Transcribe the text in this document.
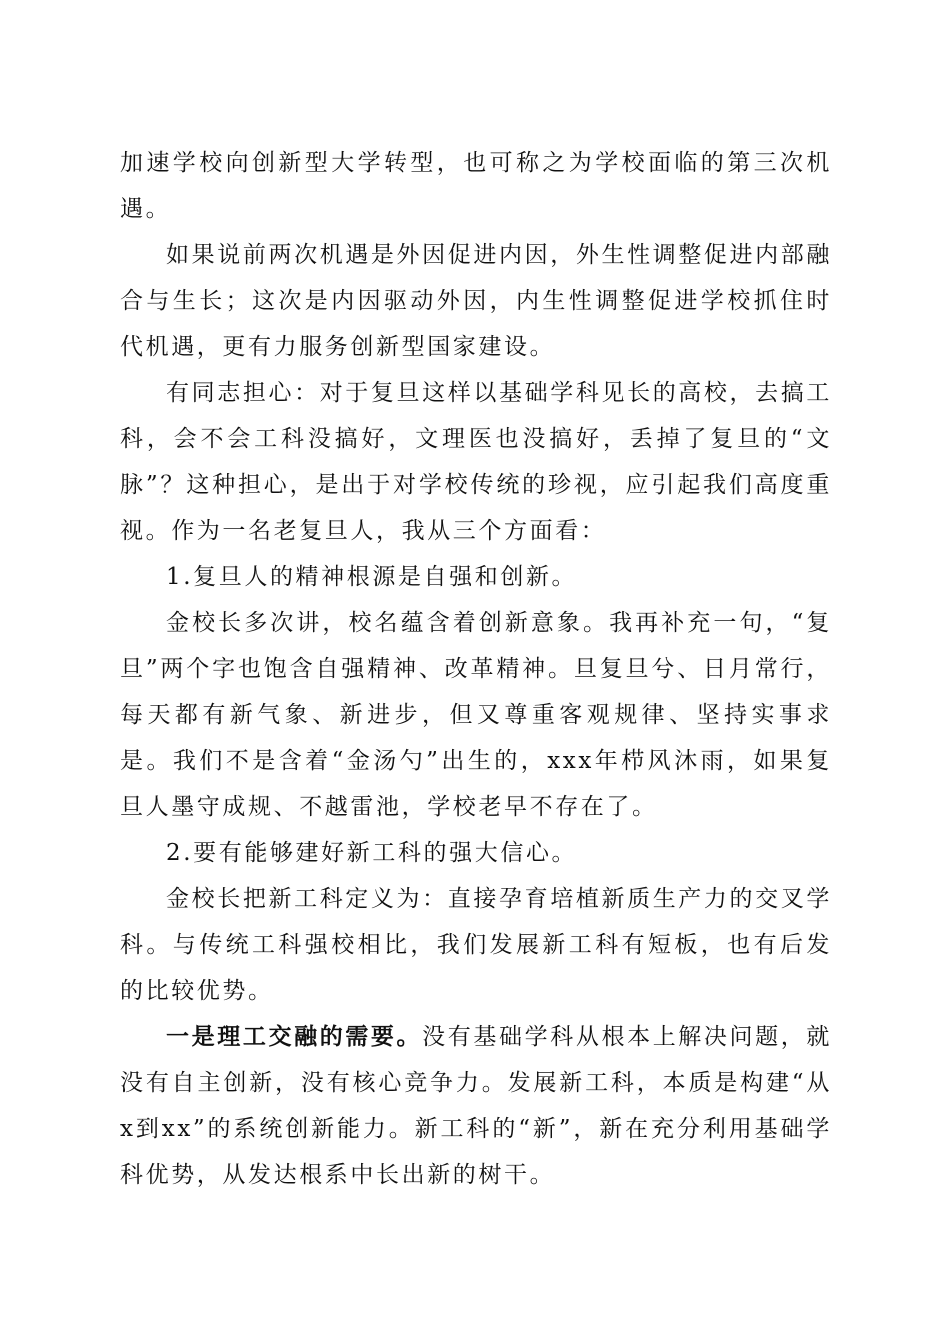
加速学校向创新型大学转型，也可称之为学校面临的第三次机遇。

如果说前两次机遇是外因促进内因，外生性调整促进内部融合与生长；这次是内因驱动外因，内生性调整促进学校抓住时代机遇，更有力服务创新型国家建设。

有同志担心：对于复旦这样以基础学科见长的高校，去搞工科，会不会工科没搞好，文理医也没搞好，丢掉了复旦的“文脉”？这种担心，是出于对学校传统的珍视，应引起我们高度重视。作为一名老复旦人，我从三个方面看：

1.复旦人的精神根源是自强和创新。

金校长多次讲，校名蕴含着创新意象。我再补充一句，“复旦”两个字也饱含自强精神、改革精神。旦复旦兮、日月常行，每天都有新气象、新进步，但又尊重客观规律、坚持实事求是。我们不是含着“金汤勺”出生的，xxx年栉风沐雨，如果复旦人墨守成规、不越雷池，学校老早不存在了。

2.要有能够建好新工科的强大信心。

金校长把新工科定义为：直接孕育培植新质生产力的交叉学科。与传统工科强校相比，我们发展新工科有短板，也有后发的比较优势。

一是理工交融的需要。没有基础学科从根本上解决问题，就没有自主创新，没有核心竞争力。发展新工科，本质是构建“从x到xx”的系统创新能力。新工科的“新”，新在充分利用基础学科优势，从发达根系中长出新的树干。
